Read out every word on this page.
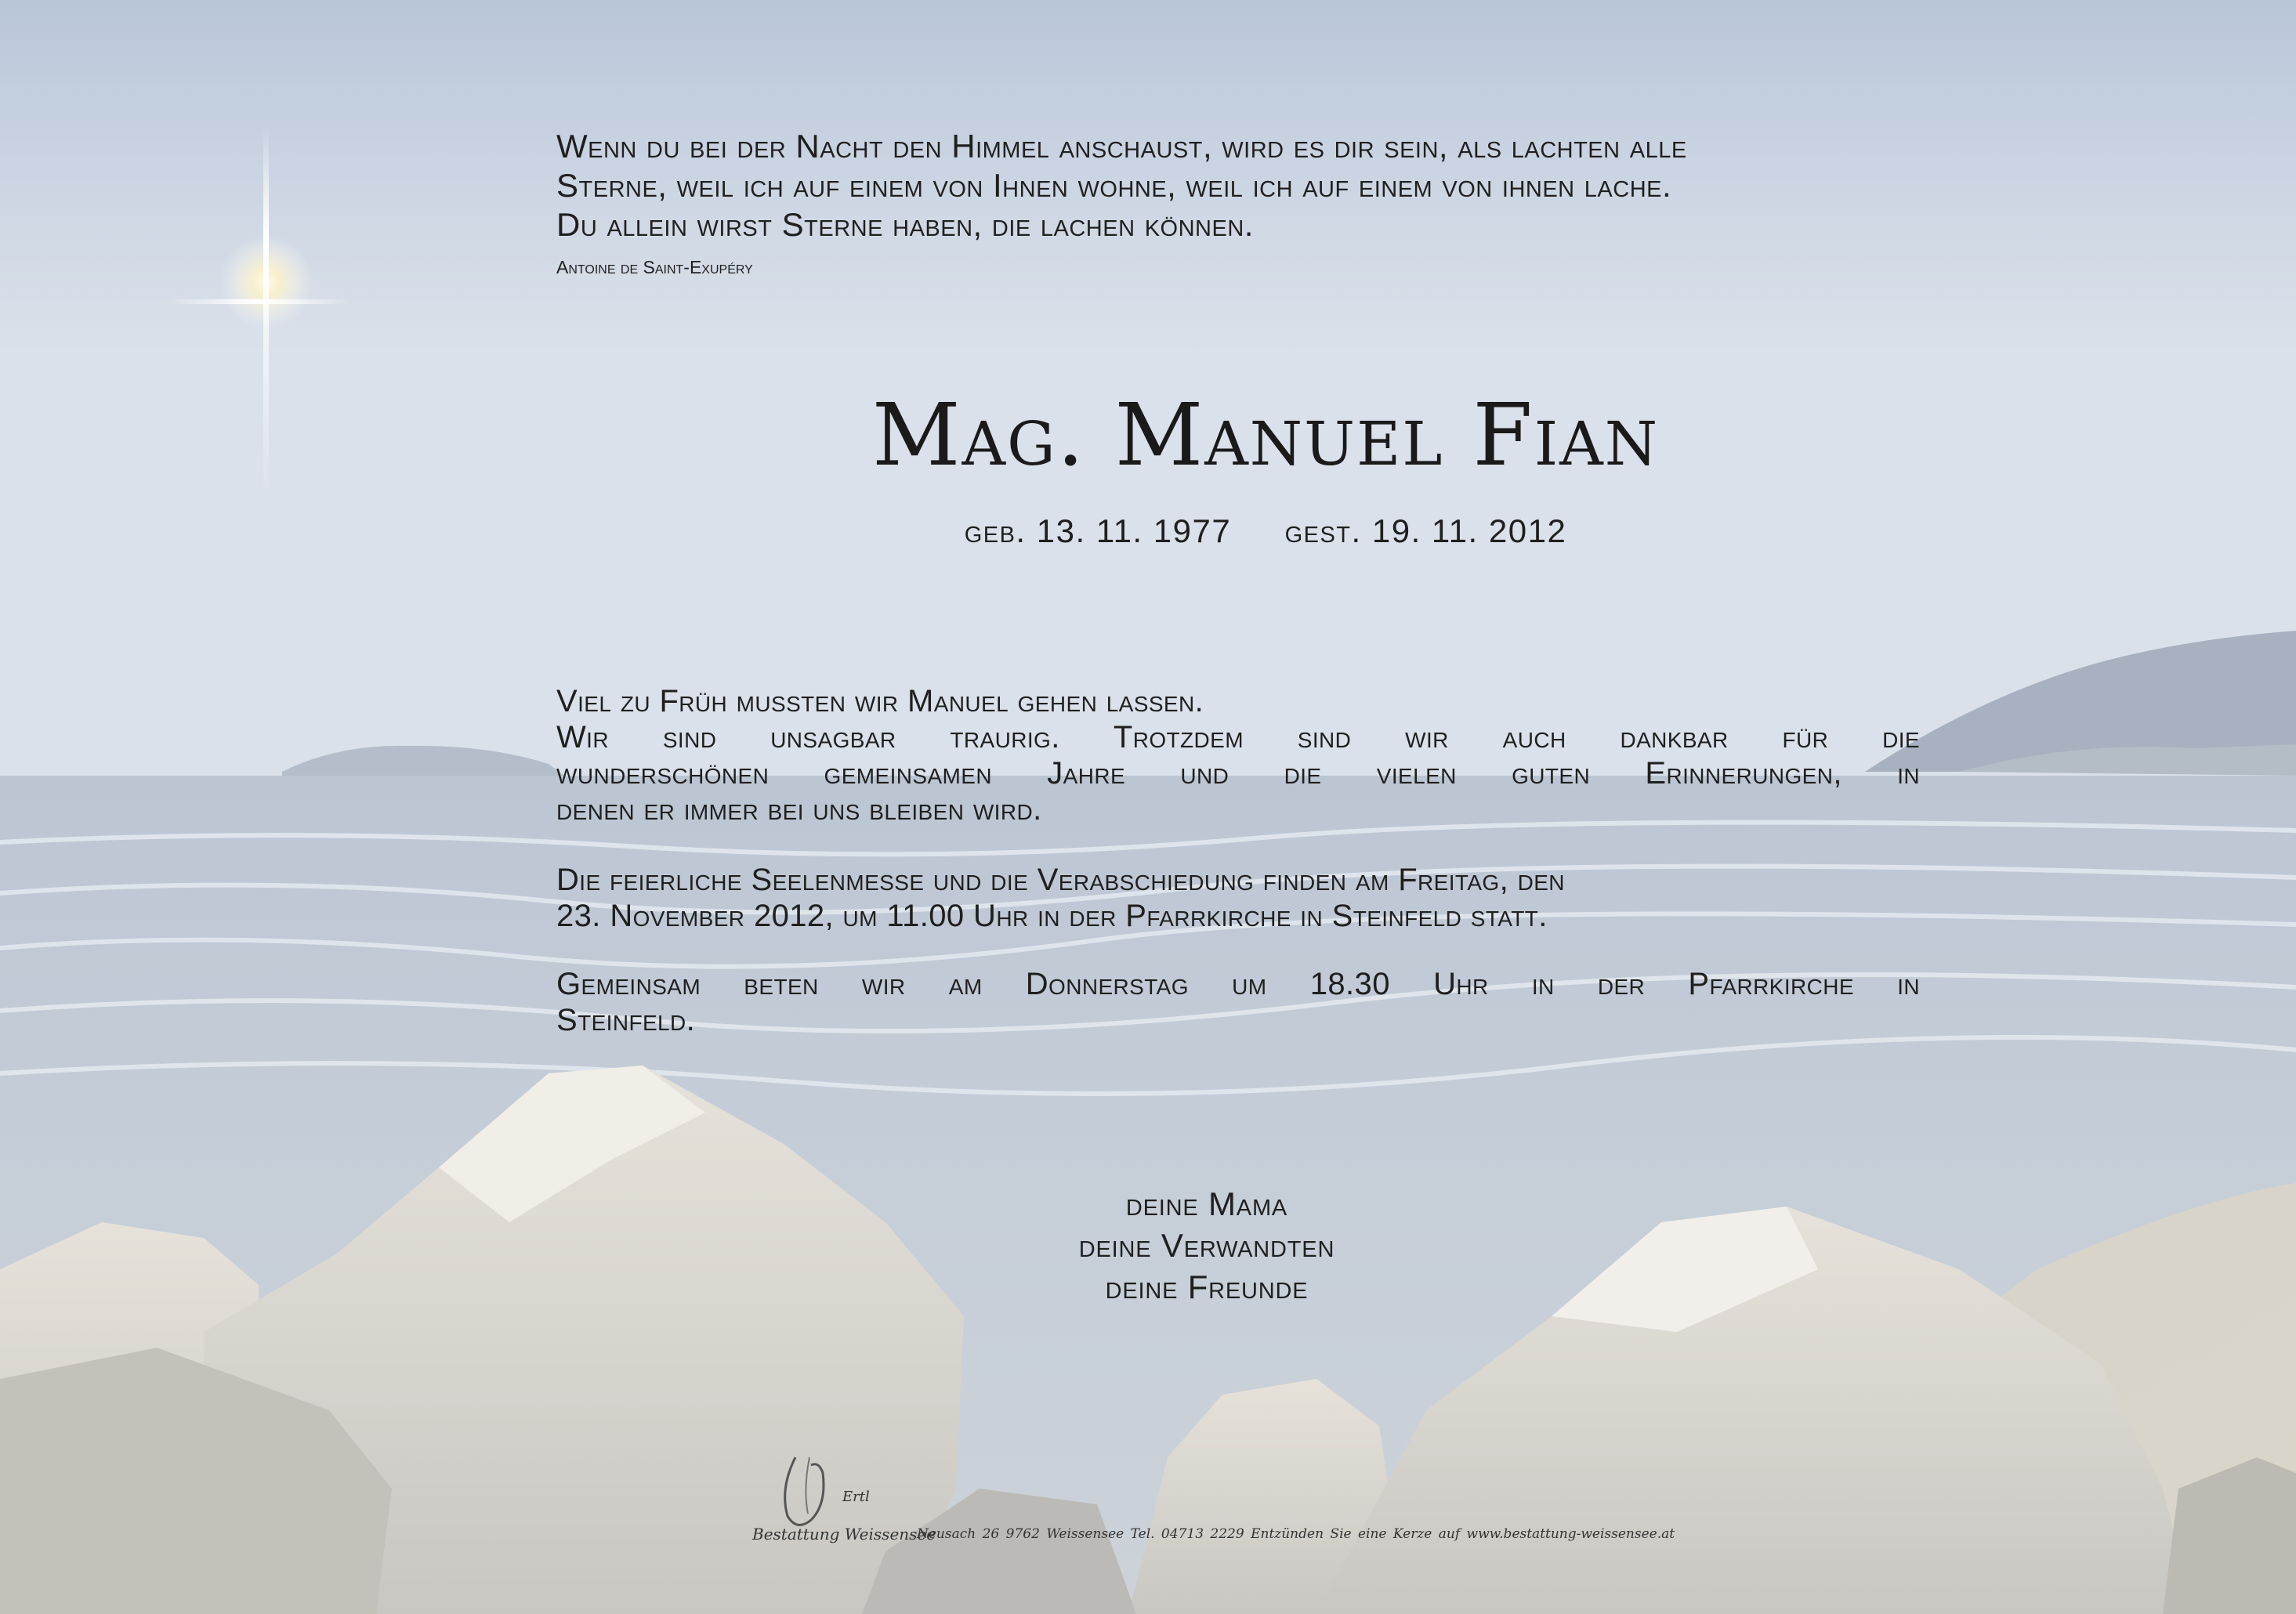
Wenn du bei der Nacht den Himmel anschaust, wird es dir sein, als lachten alle
Sterne, weil ich auf einem von Ihnen wohne, weil ich auf einem von ihnen lache.
Du allein wirst Sterne haben, die lachen können.
Antoine de Saint-Exupéry
Mag. Manuel Fian
geb. 13. 11. 1977 gest. 19. 11. 2012
Viel zu Früh mussten wir Manuel gehen lassen.
Wir sind unsagbar traurig. Trotzdem sind wir auch dankbar für die
wunderschönen gemeinsamen Jahre und die vielen guten Erinnerungen, in
denen er immer bei uns bleiben wird.
Die feierliche Seelenmesse und die Verabschiedung finden am Freitag, den
23. November 2012, um 11.00 Uhr in der Pfarrkirche in Steinfeld statt.
Gemeinsam beten wir am Donnerstag um 18.30 Uhr in der Pfarrkirche in
Steinfeld.
deine Mama
deine Verwandten
deine Freunde
Bestattung Weissensee
Ertl
Neusach 26 9762 Weissensee Tel. 04713 2229 Entzünden Sie eine Kerze auf www.bestattung-weissensee.at
